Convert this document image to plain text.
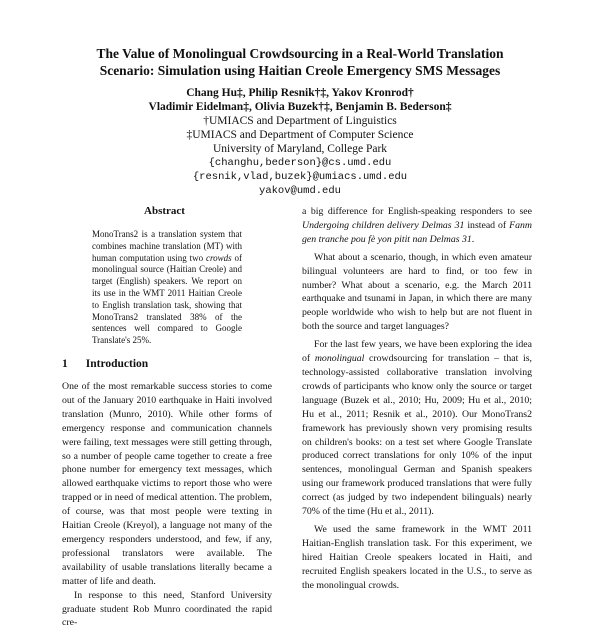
The Value of Monolingual Crowdsourcing in a Real-World Translation
Scenario: Simulation using Haitian Creole Emergency SMS Messages
Chang Hu‡, Philip Resnik†‡, Yakov Kronrod†
Vladimir Eidelman‡, Olivia Buzek†‡, Benjamin B. Bederson‡
†UMIACS and Department of Linguistics
‡UMIACS and Department of Computer Science
University of Maryland, College Park
{changhu,bederson}@cs.umd.edu
{resnik,vlad,buzek}@umiacs.umd.edu
yakov@umd.edu
Abstract
MonoTrans2 is a translation system that combines machine translation (MT) with human computation using two crowds of monolingual source (Haitian Creole) and target (English) speakers. We report on its use in the WMT 2011 Haitian Creole to English translation task, showing that MonoTrans2 translated 38% of the sentences well compared to Google Translate's 25%.
1 Introduction

One of the most remarkable success stories to come out of the January 2010 earthquake in Haiti involved translation (Munro, 2010). While other forms of emergency response and communication channels were failing, text messages were still getting through, so a number of people came together to create a free phone number for emergency text messages, which allowed earthquake victims to report those who were trapped or in need of medical attention. The problem, of course, was that most people were texting in Haitian Creole (Kreyol), a language not many of the emergency responders understood, and few, if any, professional translators were available. The availability of usable translations literally became a matter of life and death.

In response to this need, Stanford University graduate student Rob Munro coordinated the rapid cre-

a big difference for English-speaking responders to see Undergoing children delivery Delmas 31 instead of Fanm gen tranche pou fè yon pitit nan Delmas 31.

What about a scenario, though, in which even amateur bilingual volunteers are hard to find, or too few in number? What about a scenario, e.g. the March 2011 earthquake and tsunami in Japan, in which there are many people worldwide who wish to help but are not fluent in both the source and target languages?

For the last few years, we have been exploring the idea of monolingual crowdsourcing for translation – that is, technology-assisted collaborative translation involving crowds of participants who know only the source or target language (Buzek et al., 2010; Hu, 2009; Hu et al., 2010; Hu et al., 2011; Resnik et al., 2010). Our MonoTrans2 framework has previously shown very promising results on children's books: on a test set where Google Translate produced correct translations for only 10% of the input sentences, monolingual German and Spanish speakers using our framework produced translations that were fully correct (as judged by two independent bilinguals) nearly 70% of the time (Hu et al., 2011).

We used the same framework in the WMT 2011 Haitian-English translation task. For this experiment, we hired Haitian Creole speakers located in Haiti, and recruited English speakers located in the U.S., to serve as the monolingual crowds.
